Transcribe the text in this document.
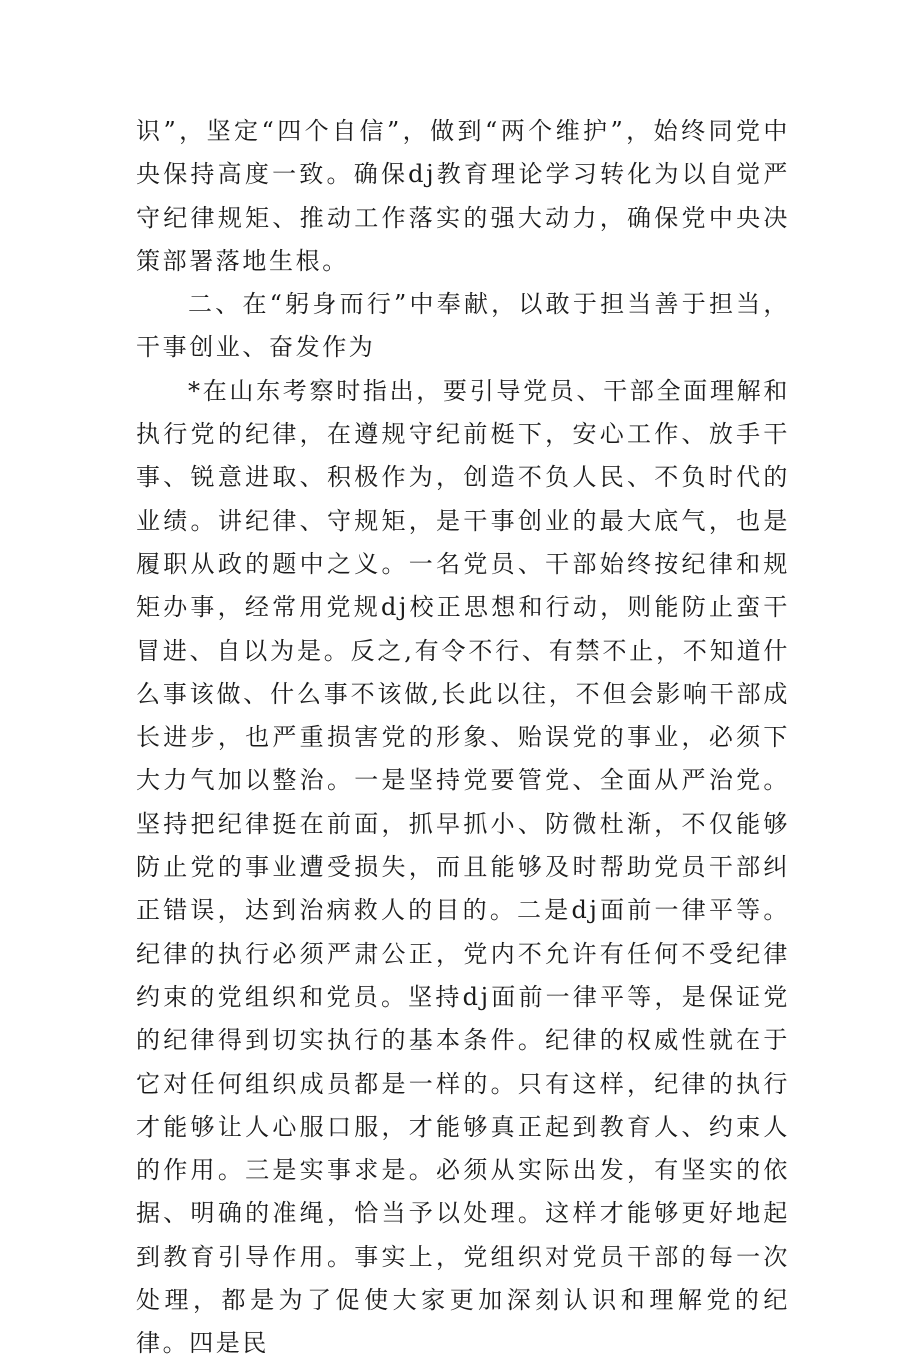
识”，坚定“四个自信”，做到“两个维护”，始终同党中央保持高度一致。确保dj教育理论学习转化为以自觉严守纪律规矩、推动工作落实的强大动力，确保党中央决策部署落地生根。

二、在“躬身而行”中奉献，以敢于担当善于担当，干事创业、奋发作为

*在山东考察时指出，要引导党员、干部全面理解和执行党的纪律，在遵规守纪前梃下，安心工作、放手干事、锐意进取、积极作为，创造不负人民、不负时代的业绩。讲纪律、守规矩，是干事创业的最大底气，也是履职从政的题中之义。一名党员、干部始终按纪律和规矩办事，经常用党规dj校正思想和行动，则能防止蛮干冒进、自以为是。反之,有令不行、有禁不止，不知道什么事该做、什么事不该做,长此以往，不但会影响干部成长进步，也严重损害党的形象、贻误党的事业，必须下大力气加以整治。一是坚持党要管党、全面从严治党。坚持把纪律挺在前面，抓早抓小、防微杜渐，不仅能够防止党的事业遭受损失，而且能够及时帮助党员干部纠正错误，达到治病救人的目的。二是dj面前一律平等。纪律的执行必须严肃公正，党内不允许有任何不受纪律约束的党组织和党员。坚持dj面前一律平等，是保证党的纪律得到切实执行的基本条件。纪律的权威性就在于它对任何组织成员都是一样的。只有这样，纪律的执行才能够让人心服口服，才能够真正起到教育人、约束人的作用。三是实事求是。必须从实际出发，有坚实的依据、明确的准绳，恰当予以处理。这样才能够更好地起到教育引导作用。事实上，党组织对党员干部的每一次处理，都是为了促使大家更加深刻认识和理解党的纪律。四是民
